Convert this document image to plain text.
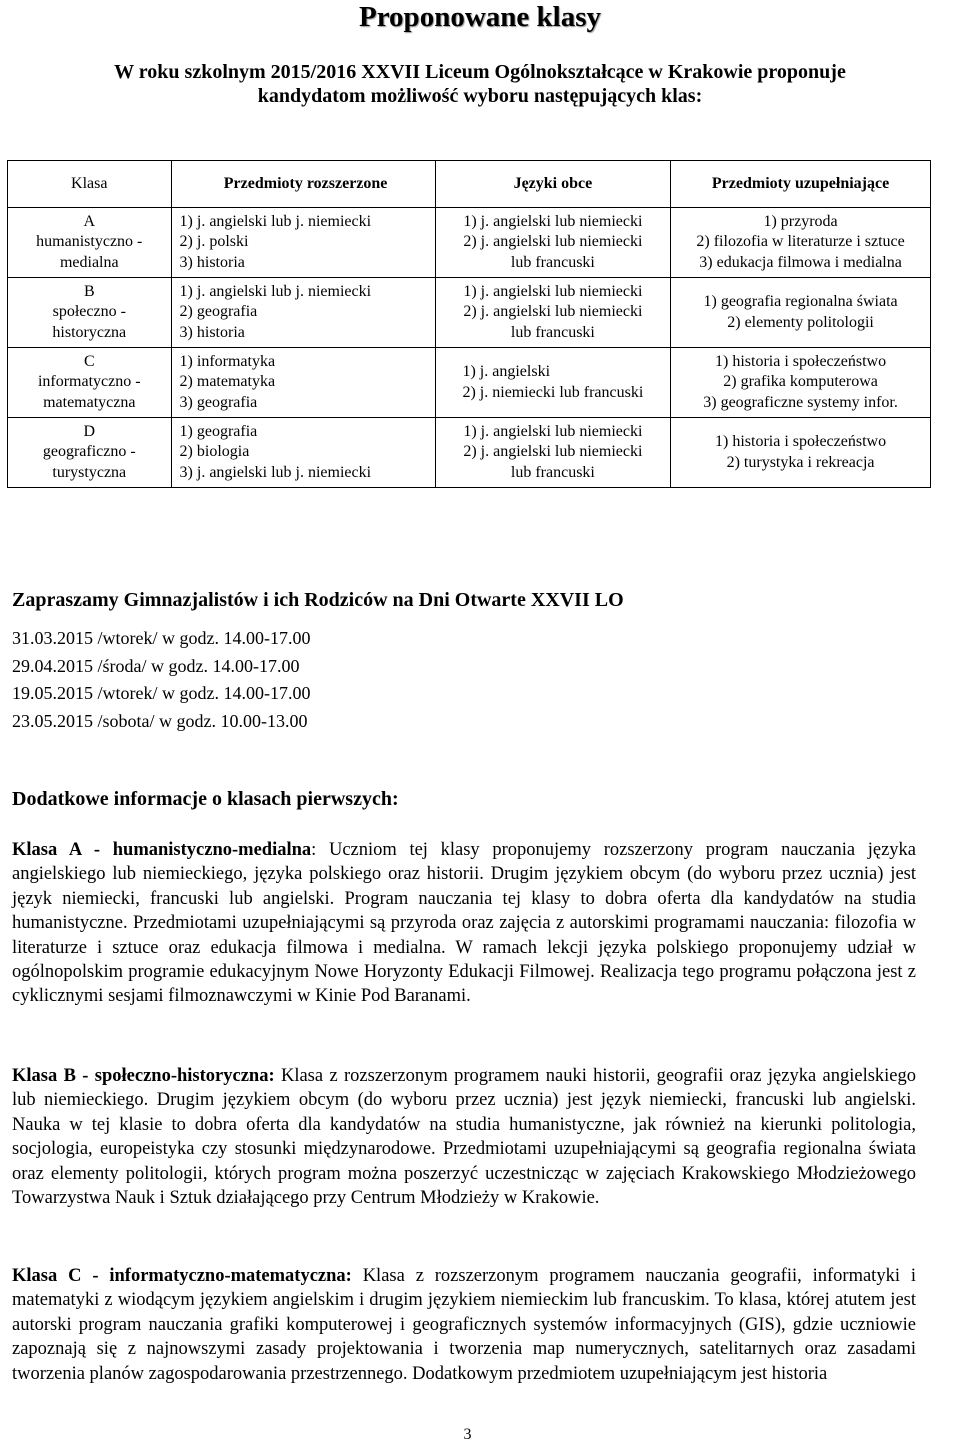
Proponowane klasy
W roku szkolnym 2015/2016 XXVII Liceum Ogólnokształcące w Krakowie proponuje kandydatom możliwość wyboru następujących klas:
Klasa	Przedmioty rozszerzone	Języki obce	Przedmioty uzupełniające

A
humanistyczno -
medialna	1) j. angielski lub j. niemiecki
2) j. polski
3) historia	1) j. angielski lub niemiecki
2) j. angielski lub niemiecki
lub francuski	1) przyroda
2) filozofia w literaturze i sztuce
3) edukacja filmowa i medialna

B
społeczno -
historyczna	1) j. angielski lub j. niemiecki
2) geografia
3) historia	1) j. angielski lub niemiecki
2) j. angielski lub niemiecki
lub francuski	1) geografia regionalna świata
2) elementy politologii

C
informatyczno -
matematyczna	1) informatyka
2) matematyka
3) geografia	1) j. angielski
2) j. niemiecki lub francuski	1) historia i społeczeństwo
2) grafika komputerowa
3) geograficzne systemy infor.

D
geograficzno -
turystyczna	1) geografia
2) biologia
3) j. angielski lub j. niemiecki	1) j. angielski lub niemiecki
2) j. angielski lub niemiecki
lub francuski	1) historia i społeczeństwo
2) turystyka i rekreacja
Zapraszamy Gimnazjalistów i ich Rodziców na Dni Otwarte XXVII LO
31.03.2015 /wtorek/ w godz. 14.00-17.00
29.04.2015 /środa/ w godz. 14.00-17.00
19.05.2015 /wtorek/ w godz. 14.00-17.00
23.05.2015 /sobota/ w godz. 10.00-13.00
Dodatkowe informacje o klasach pierwszych:
Klasa A - humanistyczno-medialna: Uczniom tej klasy proponujemy rozszerzony program nauczania języka angielskiego lub niemieckiego, języka polskiego oraz historii. Drugim językiem obcym (do wyboru przez ucznia) jest język niemiecki, francuski lub angielski. Program nauczania tej klasy to dobra oferta dla kandydatów na studia humanistyczne. Przedmiotami uzupełniającymi są przyroda oraz zajęcia z autorskimi programami nauczania: filozofia w literaturze i sztuce oraz edukacja filmowa i medialna. W ramach lekcji języka polskiego proponujemy udział w ogólnopolskim programie edukacyjnym Nowe Horyzonty Edukacji Filmowej. Realizacja tego programu połączona jest z cyklicznymi sesjami filmoznawczymi w Kinie Pod Baranami.
Klasa B - społeczno-historyczna: Klasa z rozszerzonym programem nauki historii, geografii oraz języka angielskiego lub niemieckiego. Drugim językiem obcym (do wyboru przez ucznia) jest język niemiecki, francuski lub angielski. Nauka w tej klasie to dobra oferta dla kandydatów na studia humanistyczne, jak również na kierunki politologia, socjologia, europeistyka czy stosunki międzynarodowe. Przedmiotami uzupełniającymi są geografia regionalna świata oraz elementy politologii, których program można poszerzyć uczestnicząc w zajęciach Krakowskiego Młodzieżowego Towarzystwa Nauk i Sztuk działającego przy Centrum Młodzieży w Krakowie.
Klasa C - informatyczno-matematyczna: Klasa z rozszerzonym programem nauczania geografii, informatyki i matematyki z wiodącym językiem angielskim i drugim językiem niemieckim lub francuskim. To klasa, której atutem jest autorski program nauczania grafiki komputerowej i geograficznych systemów informacyjnych (GIS), gdzie uczniowie zapoznają się z najnowszymi zasady projektowania i tworzenia map numerycznych, satelitarnych oraz zasadami tworzenia planów zagospodarowania przestrzennego. Dodatkowym przedmiotem uzupełniającym jest historia
3
